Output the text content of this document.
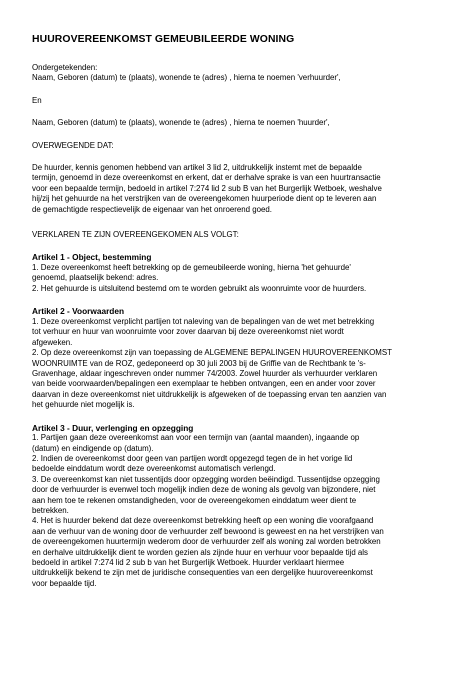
HUUROVEREENKOMST GEMEUBILEERDE WONING
Ondergetekenden:
Naam, Geboren (datum) te (plaats), wonende te (adres) , hierna te noemen 'verhuurder',
En
Naam, Geboren (datum) te (plaats), wonende te (adres) , hierna te noemen 'huurder',
OVERWEGENDE DAT:
De huurder, kennis genomen hebbend van artikel 3 lid 2, uitdrukkelijk instemt met de bepaalde
termijn, genoemd in deze overeenkomst en erkent, dat er derhalve sprake is van een huurtransactie
voor een bepaalde termijn, bedoeld in artikel 7:274 lid 2 sub B van het Burgerlijk Wetboek, weshalve
hij/zij het gehuurde na het verstrijken van de overeengekomen huurperiode dient op te leveren aan
de gemachtigde respectievelijk de eigenaar van het onroerend goed.
VERKLAREN TE ZIJN OVEREENGEKOMEN ALS VOLGT:
Artikel 1 - Object, bestemming
1. Deze overeenkomst heeft betrekking op de gemeubileerde woning, hierna 'het gehuurde'
genoemd, plaatselijk bekend: adres.
2. Het gehuurde is uitsluitend bestemd om te worden gebruikt als woonruimte voor de huurders.
Artikel 2 - Voorwaarden
1. Deze overeenkomst verplicht partijen tot naleving van de bepalingen van de wet met betrekking
tot verhuur en huur van woonruimte voor zover daarvan bij deze overeenkomst niet wordt
afgeweken.
2. Op deze overeenkomst zijn van toepassing de ALGEMENE BEPALINGEN HUUROVEREENKOMST
WOONRUIMTE van de ROZ, gedeponeerd op 30 juli 2003 bij de Griffie van de Rechtbank te 's-
Gravenhage, aldaar ingeschreven onder nummer 74/2003. Zowel huurder als verhuurder verklaren
van beide voorwaarden/bepalingen een exemplaar te hebben ontvangen, een en ander voor zover
daarvan in deze overeenkomst niet uitdrukkelijk is afgeweken of de toepassing ervan ten aanzien van
het gehuurde niet mogelijk is.
Artikel 3 - Duur, verlenging en opzegging
1. Partijen gaan deze overeenkomst aan voor een termijn van (aantal maanden), ingaande op
(datum) en eindigende op (datum).
2. Indien de overeenkomst door geen van partijen wordt opgezegd tegen de in het vorige lid
bedoelde einddatum wordt deze overeenkomst automatisch verlengd.
3. De overeenkomst kan niet tussentijds door opzegging worden beëindigd. Tussentijdse opzegging
door de verhuurder is evenwel toch mogelijk indien deze de woning als gevolg van bijzondere, niet
aan hem toe te rekenen omstandigheden, voor de overeengekomen einddatum weer dient te
betrekken.
4. Het is huurder bekend dat deze overeenkomst betrekking heeft op een woning die voorafgaand
aan de verhuur van de woning door de verhuurder zelf bewoond is geweest en na het verstrijken van
de overeengekomen huurtermijn wederom door de verhuurder zelf als woning zal worden betrokken
en derhalve uitdrukkelijk dient te worden gezien als zijnde huur en verhuur voor bepaalde tijd als
bedoeld in artikel 7:274 lid 2 sub b van het Burgerlijk Wetboek. Huurder verklaart hiermee
uitdrukkelijk bekend te zijn met de juridische consequenties van een dergelijke huurovereenkomst
voor bepaalde tijd.
